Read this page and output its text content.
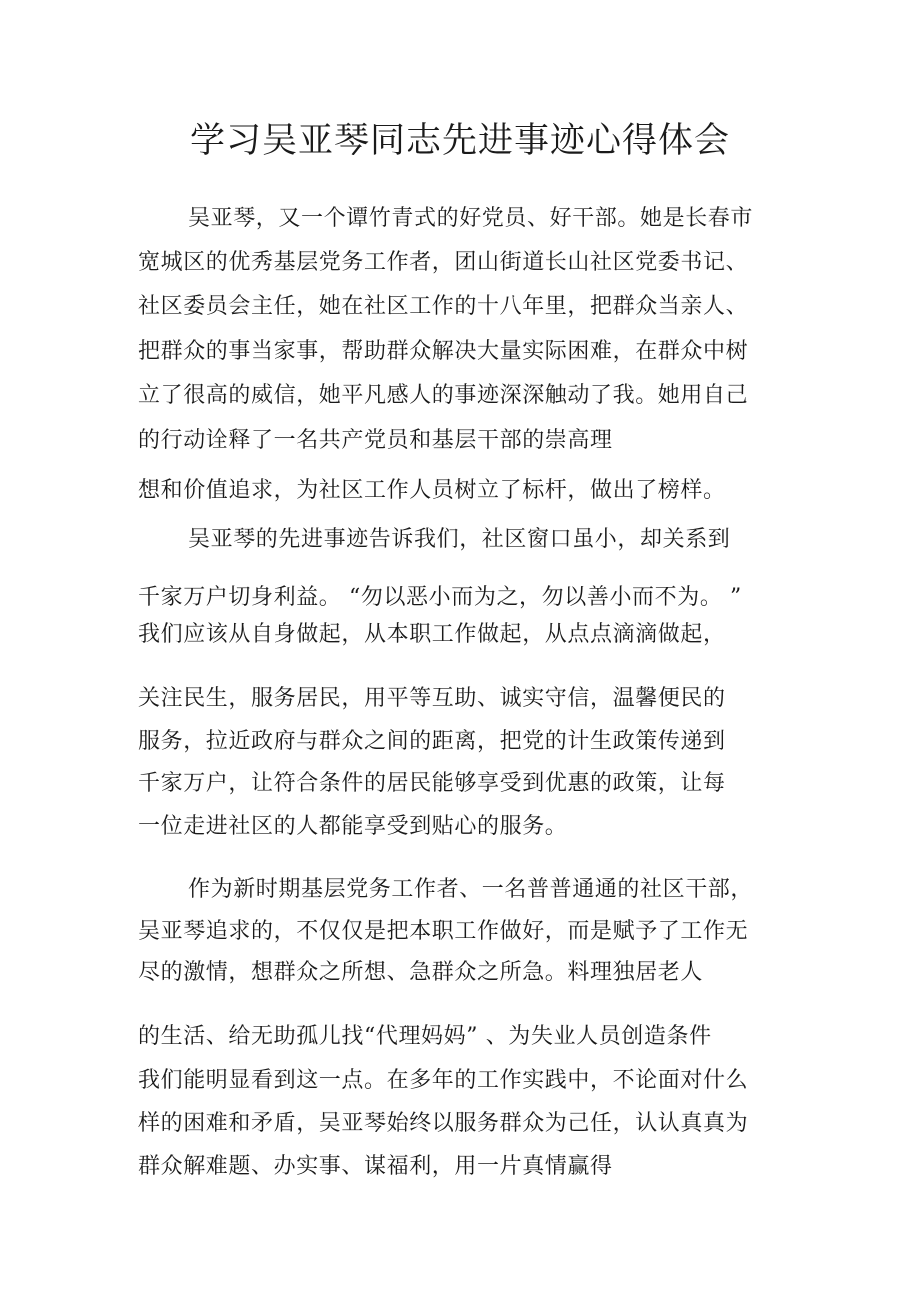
学习吴亚琴同志先进事迹心得体会
吴亚琴，又一个谭竹青式的好党员、好干部。她是长春市
宽城区的优秀基层党务工作者，团山街道长山社区党委书记、
社区委员会主任，她在社区工作的十八年里，把群众当亲人、
把群众的事当家事，帮助群众解决大量实际困难，在群众中树
立了很高的威信，她平凡感人的事迹深深触动了我。她用自己
的行动诠释了一名共产党员和基层干部的崇高理
想和价值追求，为社区工作人员树立了标杆，做出了榜样。
吴亚琴的先进事迹告诉我们，社区窗口虽小，却关系到
千家万户切身利益。 “勿以恶小而为之，勿以善小而不为。 ”
我们应该从自身做起，从本职工作做起，从点点滴滴做起，
关注民生，服务居民，用平等互助、诚实守信，温馨便民的
服务，拉近政府与群众之间的距离，把党的计生政策传递到
千家万户，让符合条件的居民能够享受到优惠的政策，让每
一位走进社区的人都能享受到贴心的服务。
作为新时期基层党务工作者、一名普普通通的社区干部，
吴亚琴追求的，不仅仅是把本职工作做好，而是赋予了工作无
尽的激情，想群众之所想、急群众之所急。料理独居老人
的生活、给无助孤儿找“代理妈妈” 、为失业人员创造条件
我们能明显看到这一点。在多年的工作实践中，不论面对什么
样的困难和矛盾，吴亚琴始终以服务群众为己任，认认真真为
群众解难题、办实事、谋福利，用一片真情赢得
